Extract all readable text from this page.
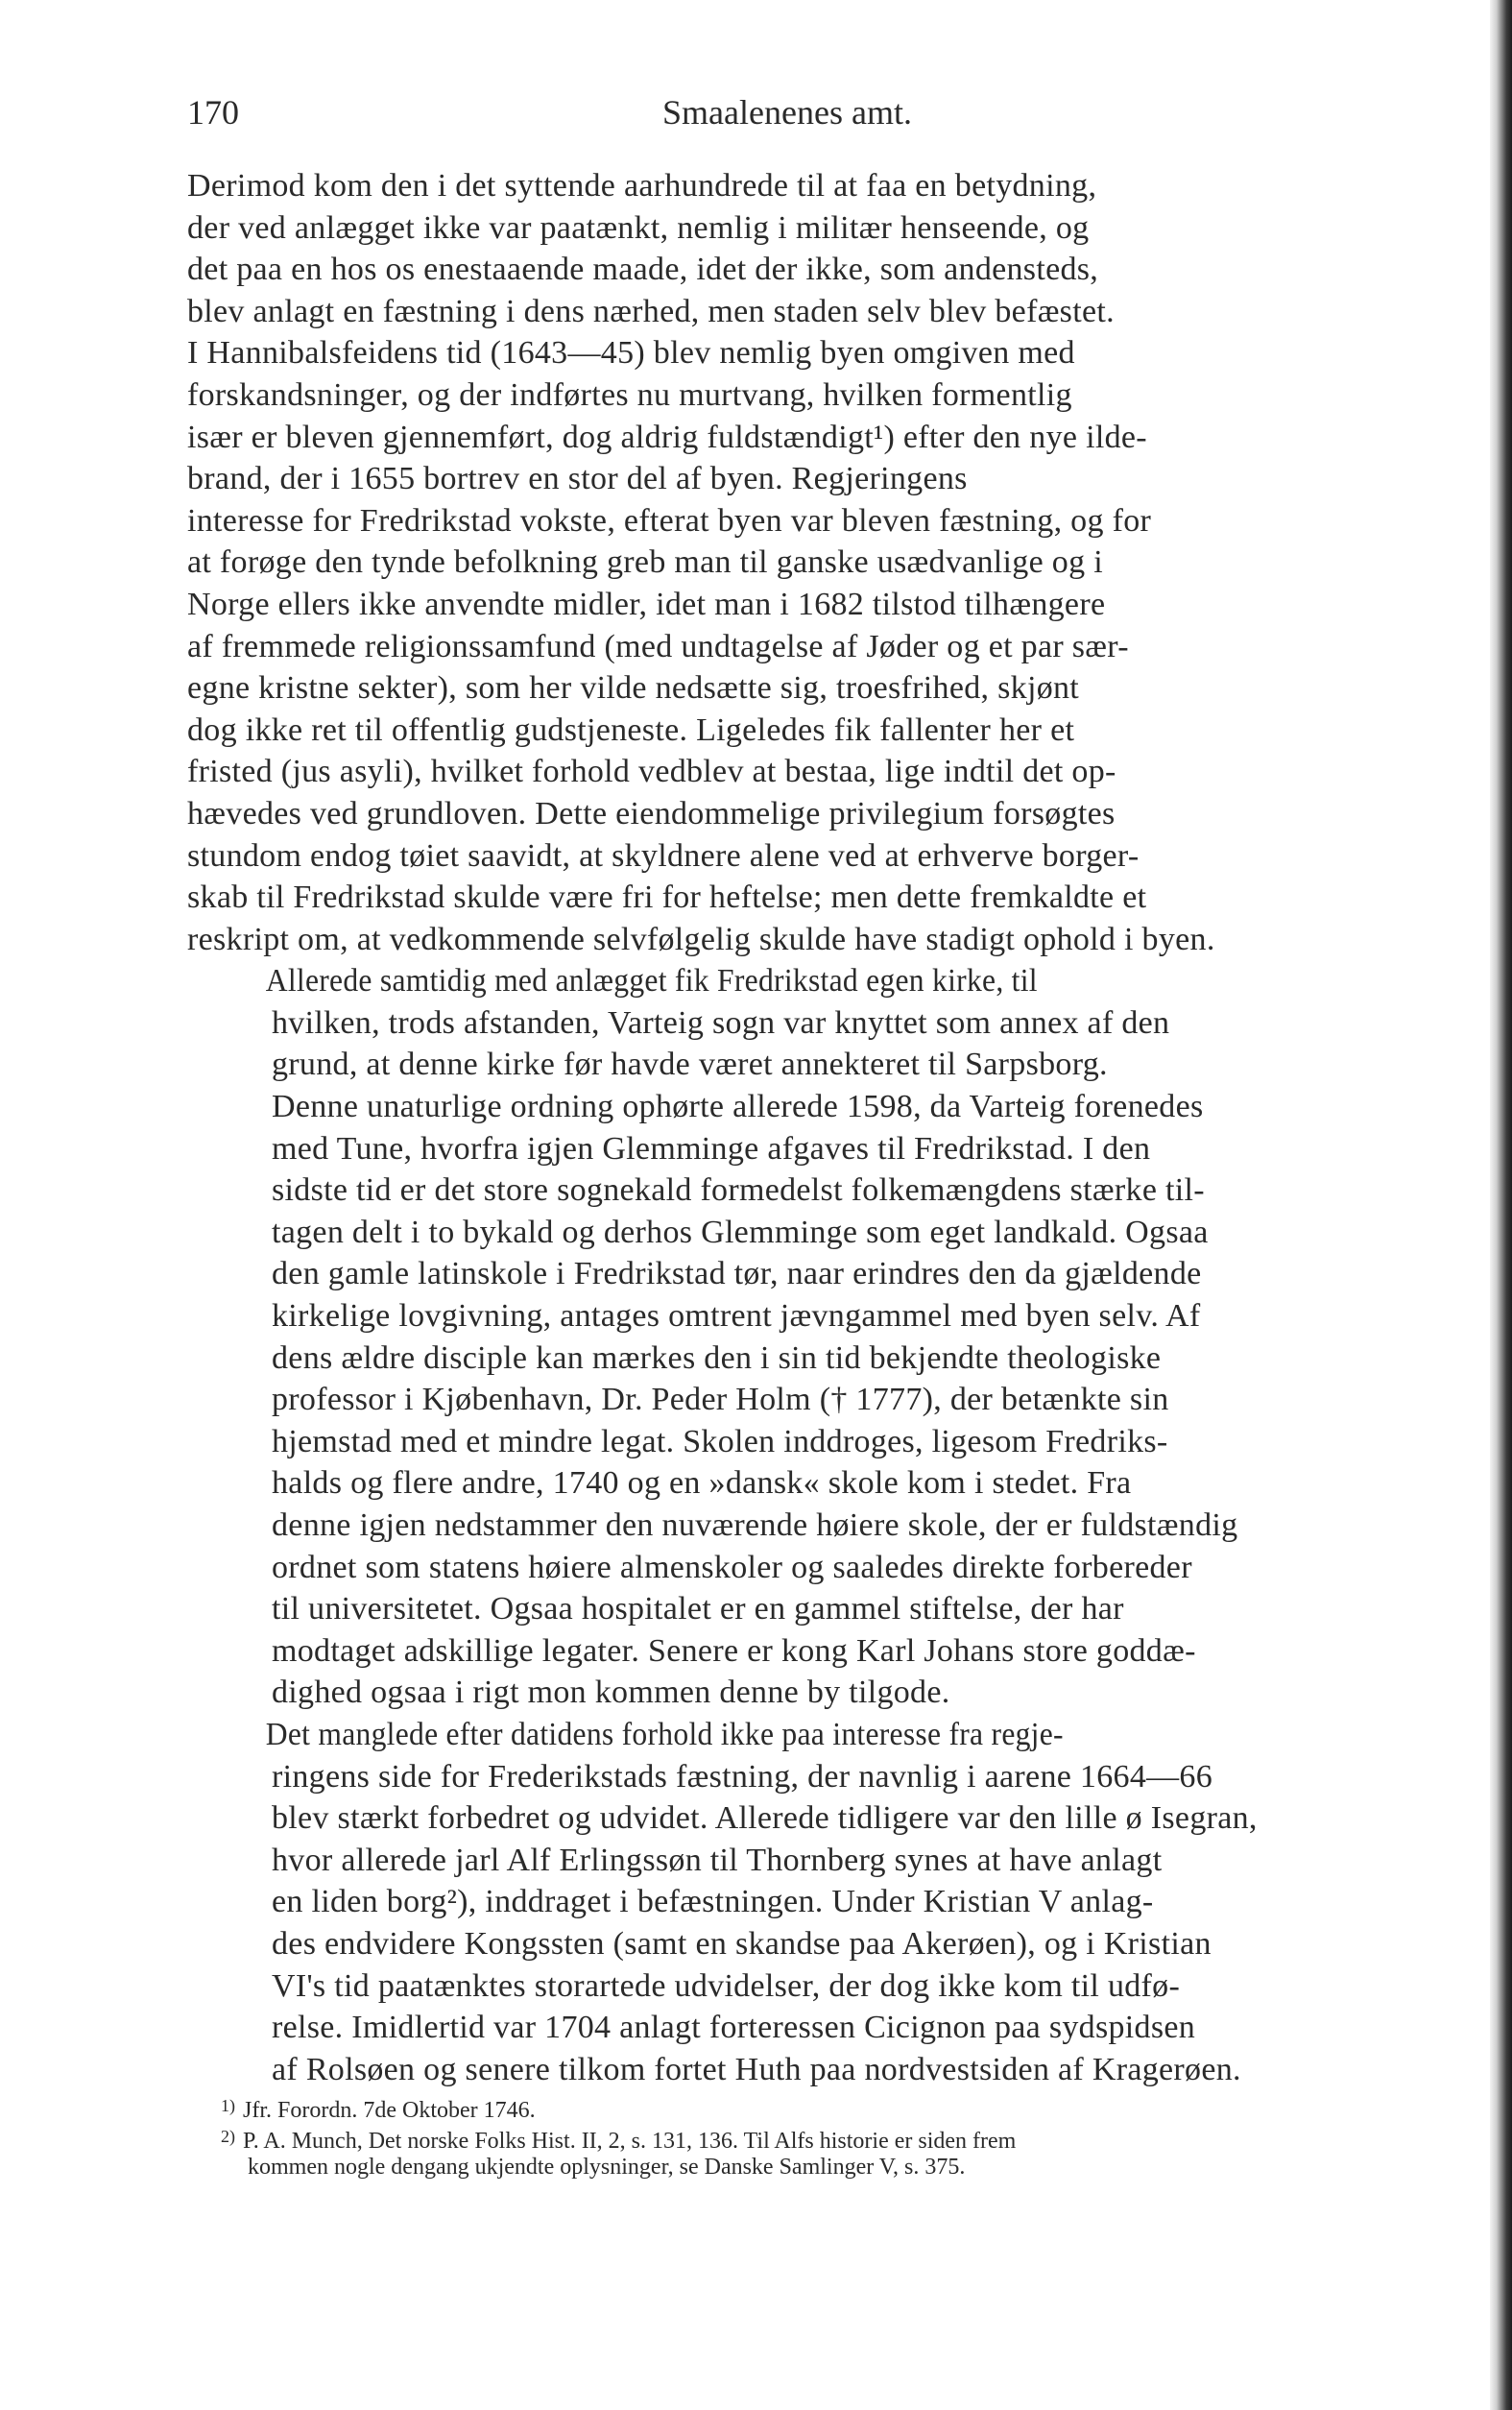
170	Smaalenenes amt.

Derimod kom den i det syttende aarhundrede til at faa en betydning,
der ved anlægget ikke var paatænkt, nemlig i militær henseende, og
det paa en hos os enestaaende maade, idet der ikke, som andensteds,
blev anlagt en fæstning i dens nærhed, men staden selv blev befæstet.
I Hannibalsfeidens tid (1643—45) blev nemlig byen omgiven med
forskandsninger, og der indførtes nu murtvang, hvilken formentlig
især er bleven gjennemført, dog aldrig fuldstændigt¹) efter den nye ilde-
brand, der i 1655 bortrev en stor del af byen. Regjeringens
interesse for Fredrikstad vokste, efterat byen var bleven fæstning, og for
at forøge den tynde befolkning greb man til ganske usædvanlige og i
Norge ellers ikke anvendte midler, idet man i 1682 tilstod tilhængere
af fremmede religionssamfund (med undtagelse af Jøder og et par sær-
egne kristne sekter), som her vilde nedsætte sig, troesfrihed, skjønt
dog ikke ret til offentlig gudstjeneste. Ligeledes fik fallenter her et
fristed (jus asyli), hvilket forhold vedblev at bestaa, lige indtil det op-
hævedes ved grundloven. Dette eiendommelige privilegium forsøgtes
stundom endog tøiet saavidt, at skyldnere alene ved at erhverve borger-
skab til Fredrikstad skulde være fri for heftelse; men dette fremkaldte et
reskript om, at vedkommende selvfølgelig skulde have stadigt ophold i byen.

Allerede samtidig med anlægget fik Fredrikstad egen kirke, til
hvilken, trods afstanden, Varteig sogn var knyttet som annex af den
grund, at denne kirke før havde været annekteret til Sarpsborg.
Denne unaturlige ordning ophørte allerede 1598, da Varteig forenedes
med Tune, hvorfra igjen Glemminge afgaves til Fredrikstad. I den
sidste tid er det store sognekald formedelst folkemængdens stærke til-
tagen delt i to bykald og derhos Glemminge som eget landkald. Ogsaa
den gamle latinskole i Fredrikstad tør, naar erindres den da gjældende
kirkelige lovgivning, antages omtrent jævngammel med byen selv. Af
dens ældre disciple kan mærkes den i sin tid bekjendte theologiske
professor i Kjøbenhavn, Dr. Peder Holm († 1777), der betænkte sin
hjemstad med et mindre legat. Skolen inddroges, ligesom Fredriks-
halds og flere andre, 1740 og en »dansk« skole kom i stedet. Fra
denne igjen nedstammer den nuværende høiere skole, der er fuldstændig
ordnet som statens høiere almenskoler og saaledes direkte forbereder
til universitetet. Ogsaa hospitalet er en gammel stiftelse, der har
modtaget adskillige legater. Senere er kong Karl Johans store goddæ-
dighed ogsaa i rigt mon kommen denne by tilgode.

Det manglede efter datidens forhold ikke paa interesse fra regje-
ringens side for Frederikstads fæstning, der navnlig i aarene 1664—66
blev stærkt forbedret og udvidet. Allerede tidligere var den lille ø Isegran,
hvor allerede jarl Alf Erlingssøn til Thornberg synes at have anlagt
en liden borg²), inddraget i befæstningen. Under Kristian V anlag-
des endvidere Kongssten (samt en skandse paa Akerøen), og i Kristian
VI's tid paatænktes storartede udvidelser, der dog ikke kom til udfø-
relse. Imidlertid var 1704 anlagt forteressen Cicignon paa sydspidsen
af Rolsøen og senere tilkom fortet Huth paa nordvestsiden af Kragerøen.

$^{1)}$ Jfr. Forordn. 7de Oktober 1746.

$^{2)}$ P. A. Munch, Det norske Folks Hist. II, 2, s. 131, 136. Til Alfs historie er siden frem

kommen nogle dengang ukjendte oplysninger, se Danske Samlinger V, s. 375.
